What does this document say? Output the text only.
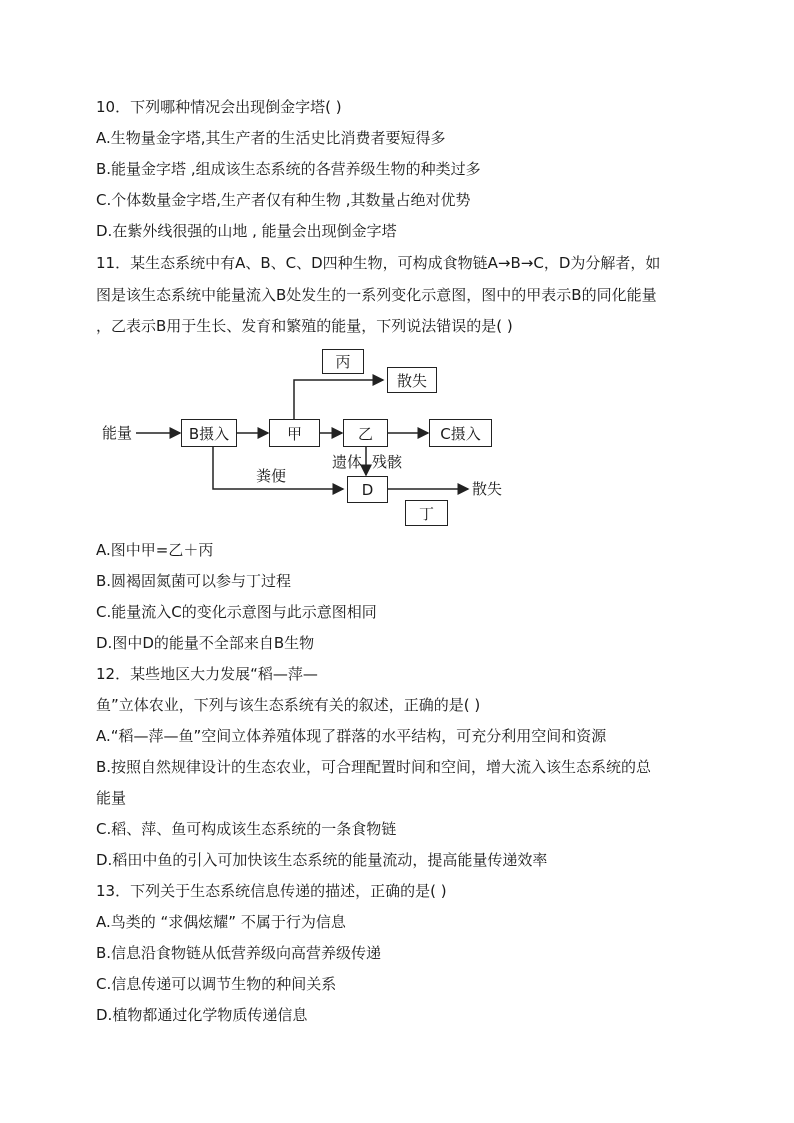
10．下列哪种情况会出现倒金字塔( )
A.生物量金字塔,其生产者的生活史比消费者要短得多
B.能量金字塔 ,组成该生态系统的各营养级生物的种类过多
C.个体数量金字塔,生产者仅有种生物 ,其数量占绝对优势
D.在紫外线很强的山地 , 能量会出现倒金字塔
11．某生态系统中有A、B、C、D四种生物，可构成食物链A→B→C，D为分解者，如
图是该生态系统中能量流入B处发生的一系列变化示意图，图中的甲表示B的同化能量
，乙表示B用于生长、发育和繁殖的能量，下列说法错误的是( )
能量	B摄入	甲	乙	C摄入
丙
散失
遗体 残骸
粪便
D	散失
丁
A.图中甲=乙＋丙
B.圆褐固氮菌可以参与丁过程
C.能量流入C的变化示意图与此示意图相同
D.图中D的能量不全部来自B生物
12．某些地区大力发展“稻—萍—
鱼”立体农业，下列与该生态系统有关的叙述，正确的是( )
A.“稻—萍—鱼”空间立体养殖体现了群落的水平结构，可充分利用空间和资源
B.按照自然规律设计的生态农业，可合理配置时间和空间，增大流入该生态系统的总
能量
C.稻、萍、鱼可构成该生态系统的一条食物链
D.稻田中鱼的引入可加快该生态系统的能量流动，提高能量传递效率
13．下列关于生态系统信息传递的描述，正确的是( )
A.鸟类的 “求偶炫耀” 不属于行为信息
B.信息沿食物链从低营养级向高营养级传递
C.信息传递可以调节生物的种间关系
D.植物都通过化学物质传递信息
